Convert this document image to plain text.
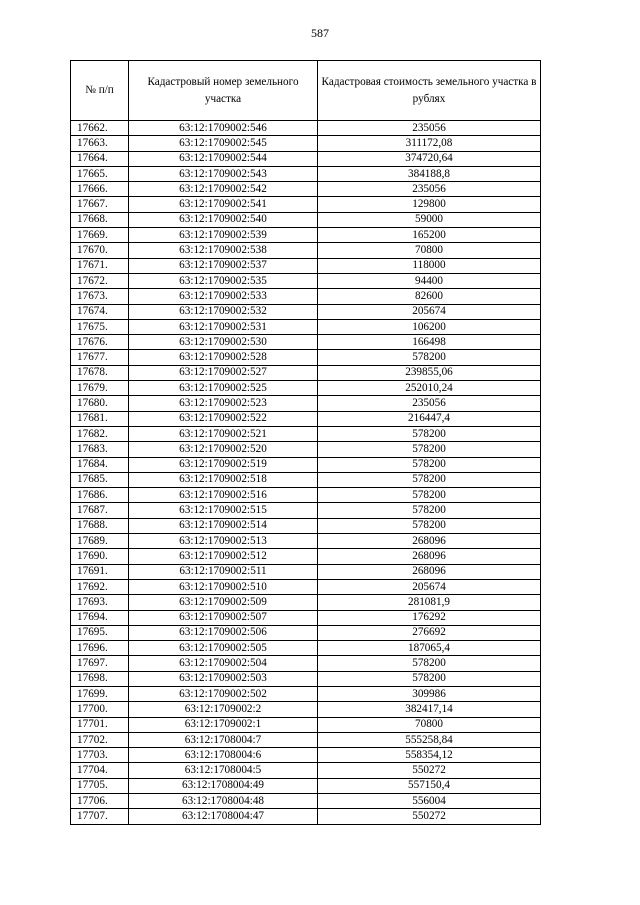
587
№ п/п	Кадастровый номер земельного участка	Кадастровая стоимость земельного участка в рублях
17662.	63:12:1709002:546	235056
17663.	63:12:1709002:545	311172,08
17664.	63:12:1709002:544	374720,64
17665.	63:12:1709002:543	384188,8
17666.	63:12:1709002:542	235056
17667.	63:12:1709002:541	129800
17668.	63:12:1709002:540	59000
17669.	63:12:1709002:539	165200
17670.	63:12:1709002:538	70800
17671.	63:12:1709002:537	118000
17672.	63:12:1709002:535	94400
17673.	63:12:1709002:533	82600
17674.	63:12:1709002:532	205674
17675.	63:12:1709002:531	106200
17676.	63:12:1709002:530	166498
17677.	63:12:1709002:528	578200
17678.	63:12:1709002:527	239855,06
17679.	63:12:1709002:525	252010,24
17680.	63:12:1709002:523	235056
17681.	63:12:1709002:522	216447,4
17682.	63:12:1709002:521	578200
17683.	63:12:1709002:520	578200
17684.	63:12:1709002:519	578200
17685.	63:12:1709002:518	578200
17686.	63:12:1709002:516	578200
17687.	63:12:1709002:515	578200
17688.	63:12:1709002:514	578200
17689.	63:12:1709002:513	268096
17690.	63:12:1709002:512	268096
17691.	63:12:1709002:511	268096
17692.	63:12:1709002:510	205674
17693.	63:12:1709002:509	281081,9
17694.	63:12:1709002:507	176292
17695.	63:12:1709002:506	276692
17696.	63:12:1709002:505	187065,4
17697.	63:12:1709002:504	578200
17698.	63:12:1709002:503	578200
17699.	63:12:1709002:502	309986
17700.	63:12:1709002:2	382417,14
17701.	63:12:1709002:1	70800
17702.	63:12:1708004:7	555258,84
17703.	63:12:1708004:6	558354,12
17704.	63:12:1708004:5	550272
17705.	63:12:1708004:49	557150,4
17706.	63:12:1708004:48	556004
17707.	63:12:1708004:47	550272
